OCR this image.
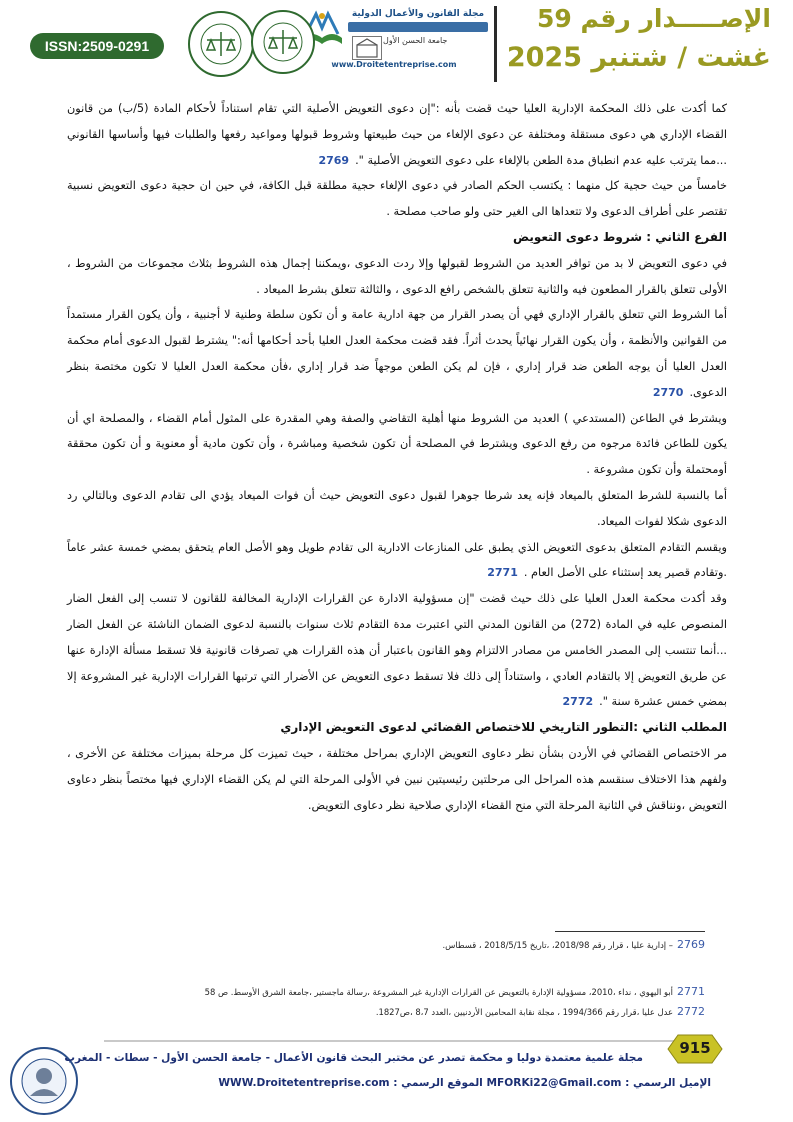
الإصـــــدار رقم 59
غشت / شتنبر 2025
مجلة القانون والأعمال الدولية
جامعة الحسن الأول
www.Droitetentreprise.com
ISSN:2509-0291

كما أكدت على ذلك المحكمة الإدارية العليا حيث قضت بأنه :"إن دعوى التعويض الأصلية التي تقام استناداً لأحكام المادة (5/ب) من قانون القضاء الإداري هي دعوى مستقلة ومختلفة عن دعوى الإلغاء من حيث طبيعتها وشروط قبولها ومواعيد رفعها والطلبات فيها وأساسها القانوني ...مما يترتب عليه عدم انطباق مدة الطعن بالإلغاء على دعوى التعويض الأصلية ".2769

خامساً من حيث حجية كل منهما : يكتسب الحكم الصادر في دعوى الإلغاء حجية مطلقة قبل الكافة، في حين ان حجية دعوى التعويض نسبية تقتصر على أطراف الدعوى ولا تتعداها الى الغير حتى ولو صاحب مصلحة .

الفرع الثاني : شروط دعوى التعويض

في دعوى التعويض لا بد من توافر العديد من الشروط لقبولها وإلا ردت الدعوى ،ويمكننا إجمال هذه الشروط بثلاث مجموعات من الشروط ، الأولى تتعلق بالقرار المطعون فيه والثانية تتعلق بالشخص رافع الدعوى ، والثالثة تتعلق بشرط الميعاد .

أما الشروط التي تتعلق بالقرار الإداري فهي أن يصدر القرار من جهة ادارية عامة و أن تكون سلطة وطنية لا أجنبية ، وأن يكون القرار مستمداً من القوانين والأنظمة ، وأن يكون القرار نهائياً يحدث أثراً. فقد قضت محكمة العدل العليا بأحد أحكامها أنه:" يشترط لقبول الدعوى أمام محكمة العدل العليا أن يوجه الطعن ضد قرار إداري ، فإن لم يكن الطعن موجهاً ضد قرار إداري ،فأن محكمة العدل العليا لا تكون مختصة بنظر الدعوى.2770

ويشترط في الطاعن (المستدعي ) العديد من الشروط منها أهلية التقاضي والصفة وهي المقدرة على المثول أمام القضاء ، والمصلحة اي أن يكون للطاعن فائدة مرجوه من رفع الدعوى ويشترط في المصلحة أن تكون شخصية ومباشرة ، وأن تكون مادية أو معنوية و أن تكون محققة أومحتملة وأن تكون مشروعة .

أما بالنسبة للشرط المتعلق بالميعاد فإنه يعد شرطا جوهرا لقبول دعوى التعويض حيث أن فوات الميعاد يؤدي الى تقادم الدعوى وبالتالي رد الدعوى شكلا لفوات الميعاد.

ويقسم التقادم المتعلق بدعوى التعويض الذي يطبق على المنازعات الادارية الى تقادم طويل وهو الأصل العام يتحقق بمضي خمسة عشر عاماً .وتقادم قصير يعد إستثناء على الأصل العام .2771

وقد أكدت محكمة العدل العليا على ذلك حيث قضت "إن مسؤولية الادارة عن القرارات الإدارية المخالفة للقانون لا تنسب إلى الفعل الضار المنصوص عليه في المادة (272) من القانون المدني التي اعتبرت مدة التقادم ثلاث سنوات بالنسبة لدعوى الضمان الناشئة عن الفعل الضار ...أنما تنتسب إلى المصدر الخامس من مصادر الالتزام وهو القانون باعتبار أن هذه القرارات هي تصرفات قانونية فلا تسقط مسألة الإدارة عنها عن طريق التعويض إلا بالتقادم العادي ، واستناداً إلى ذلك فلا تسقط دعوى التعويض عن الأضرار التي ترتبها القرارات الإدارية غير المشروعة إلا بمضي خمس عشرة سنة ".2772

المطلب الثاني :التطور التاريخي للاختصاص القضائي لدعوى التعويض الإداري

مر الاختصاص القضائي في الأردن بشأن نظر دعاوى التعويض الإداري بمراحل مختلفة ، حيث تميزت كل مرحلة بميزات مختلفة عن الأخرى ، ولفهم هذا الاختلاف سنقسم هذه المراحل الى مرحلتين رئيسيتين نبين في الأولى المرحلة التي لم يكن القضاء الإداري فيها مختصاً بنظر دعاوى التعويض ،ونناقش في الثانية المرحلة التي منح القضاء الإداري صلاحية نظر دعاوى التعويض.

2769– إدارية عليا ، قرار رقم 2018/98، ،تاريخ 2018/5/15 ، قسطاس.
2771أبو اليهوي ، نداء ،2010، مسؤولية الإدارة بالتعويض عن القرارات الإدارية غير المشروعة ،رسالة ماجستير ،جامعة الشرق الأوسط. ص 58
2772عدل عليا ،قرار رقم 1994/366 ، مجلة نقابة المحامين الأردنيين ،العدد 8،7 ،ص1827.
915
مجلة علمية معتمدة دوليا و محكمة تصدر عن مختبر البحث قانون الأعمال - جامعة الحسن الأول - سطات - المغرب
الإميل الرسمي : MFORKi22@Gmail.com الموقع الرسمي : WWW.Droitetentreprise.com
